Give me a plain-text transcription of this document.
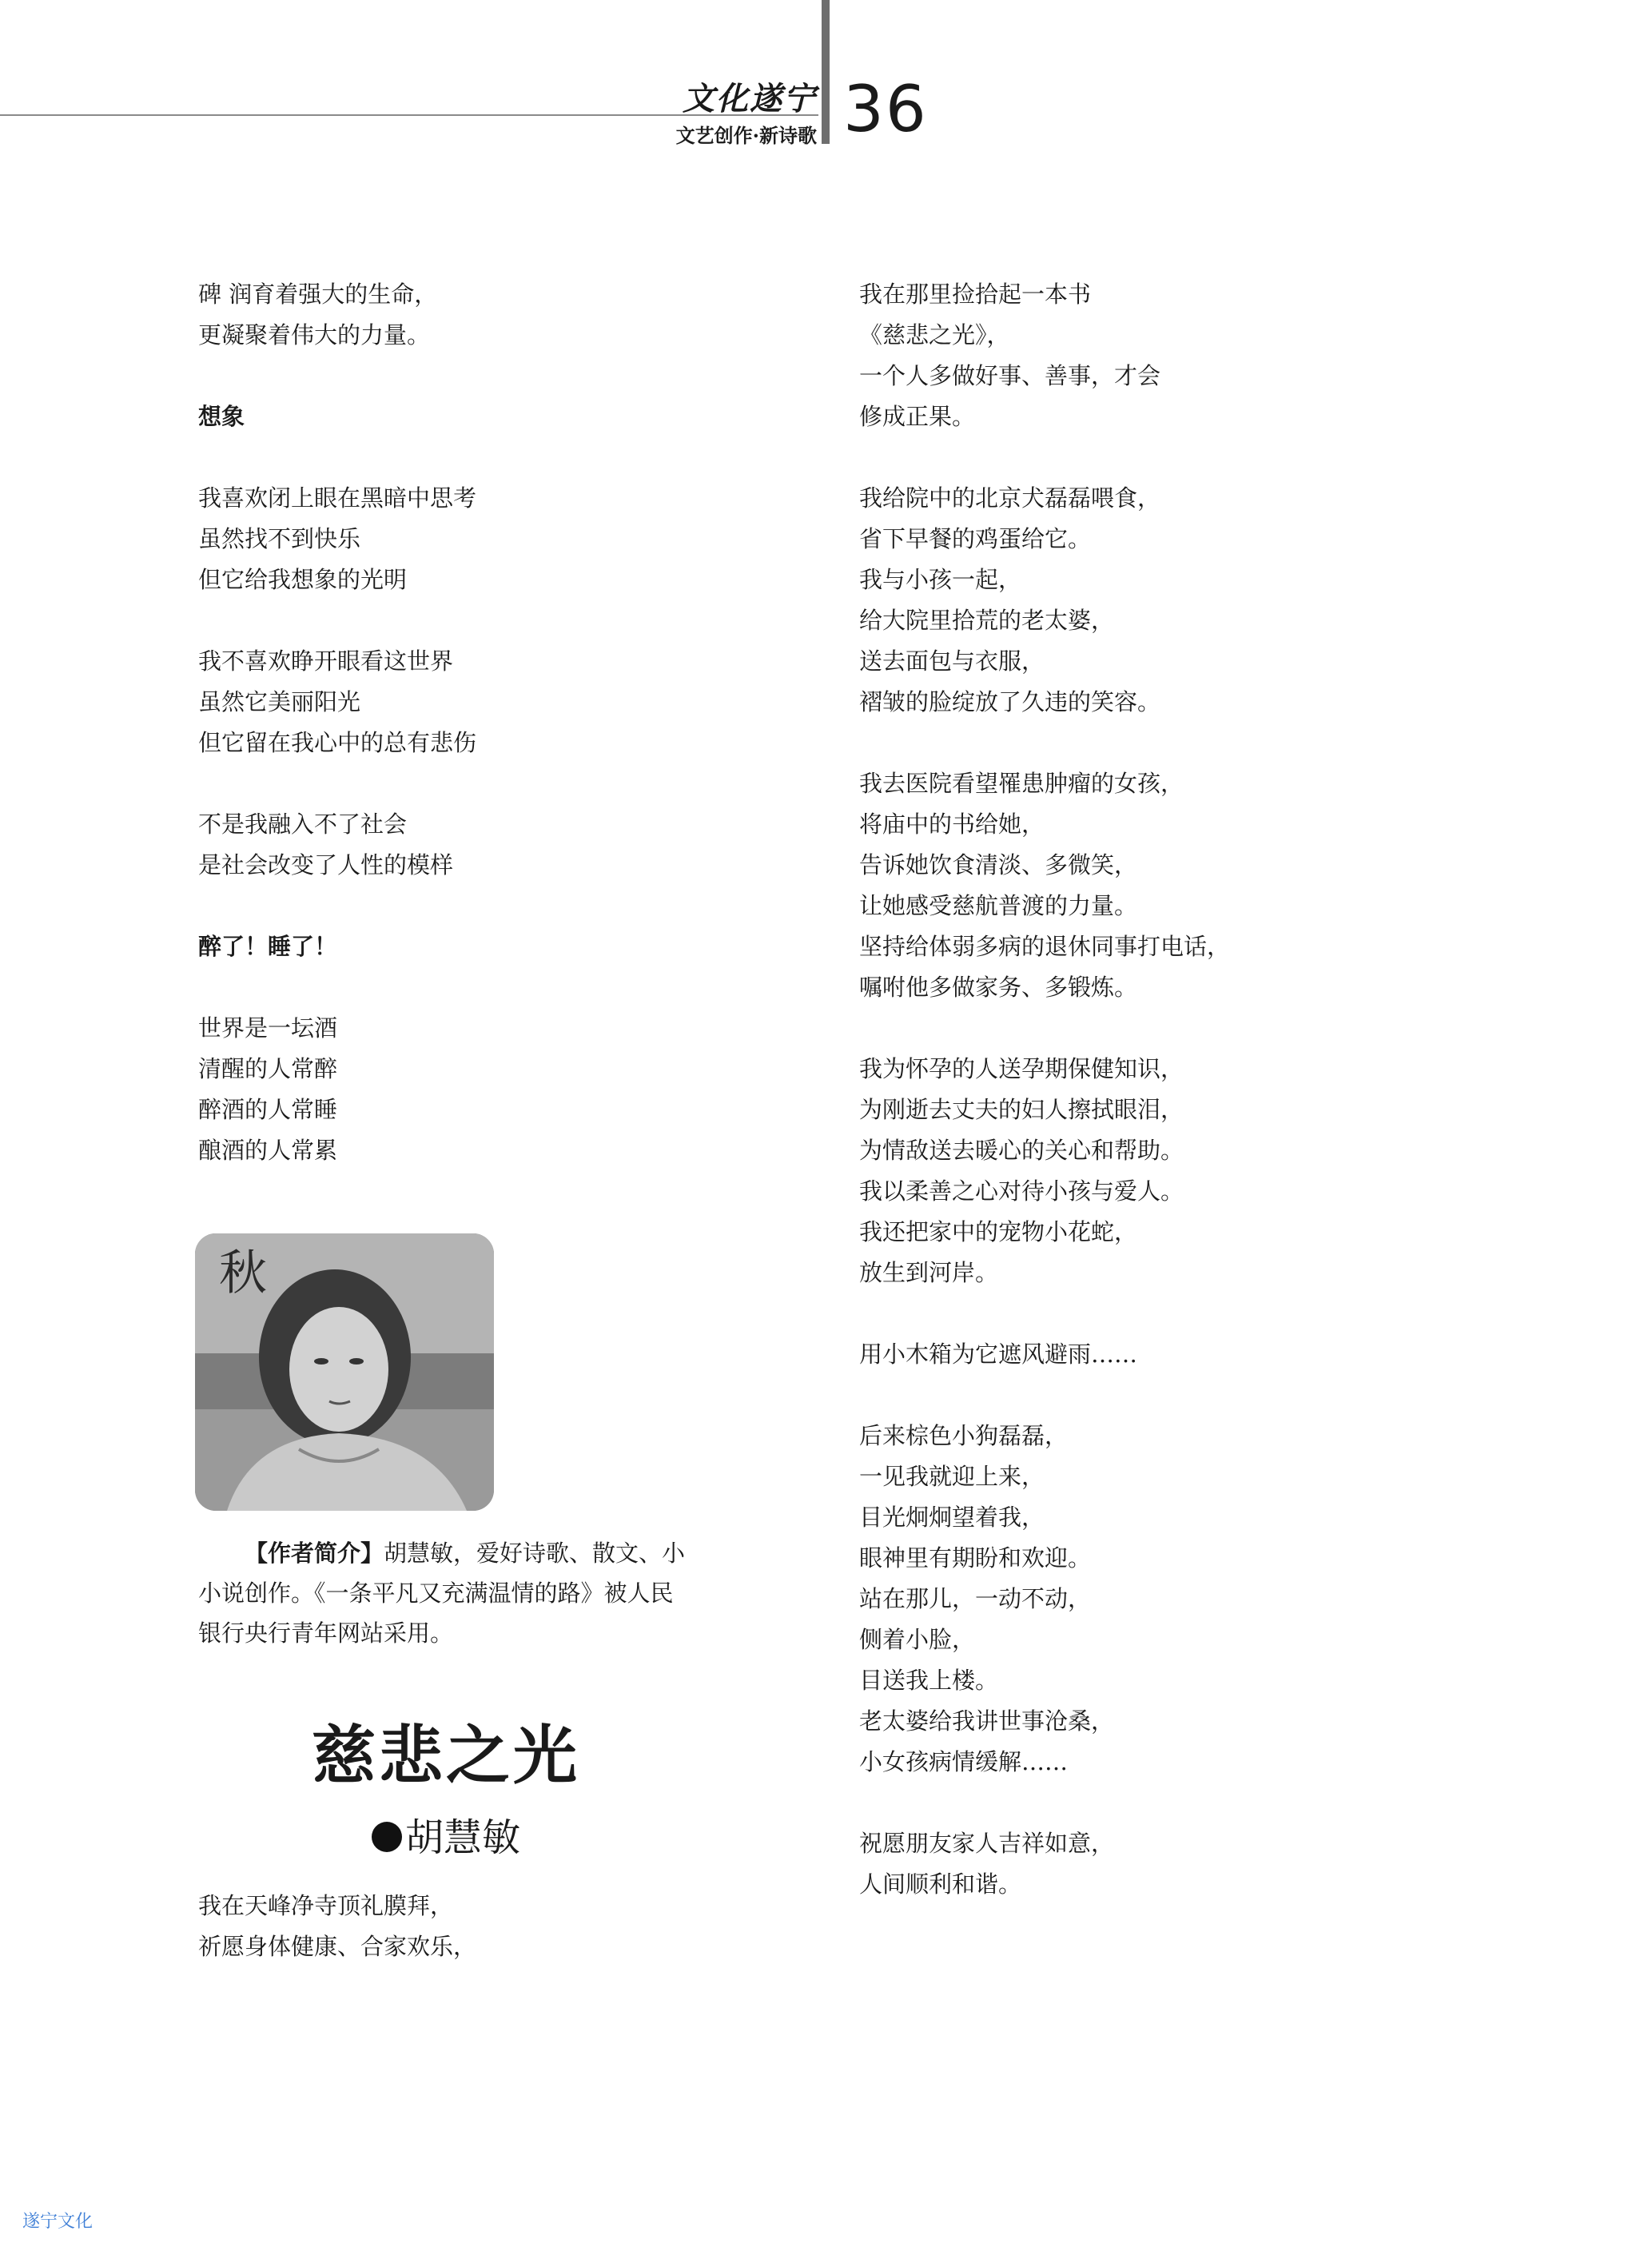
文化遂宁
文艺创作·新诗歌 36
碑 润育着强大的生命，
更凝聚着伟大的力量。
想象
我喜欢闭上眼在黑暗中思考
虽然找不到快乐
但它给我想象的光明
我不喜欢睁开眼看这世界
虽然它美丽阳光
但它留在我心中的总有悲伤
不是我融入不了社会
是社会改变了人性的模样
醉了！睡了！
世界是一坛酒
清醒的人常醉
醉酒的人常睡
酿酒的人常累
秋
【作者简介】胡慧敏，爱好诗歌、散文、小小说创作。《一条平凡又充满温情的路》被人民银行央行青年网站采用。
慈悲之光
胡慧敏
我在天峰净寺顶礼膜拜，
祈愿身体健康、合家欢乐，
我在那里捡拾起一本书
《慈悲之光》，
一个人多做好事、善事，才会
修成正果。
我给院中的北京犬磊磊喂食，
省下早餐的鸡蛋给它。
我与小孩一起，
给大院里拾荒的老太婆，
送去面包与衣服，
褶皱的脸绽放了久违的笑容。
我去医院看望罹患肿瘤的女孩，
将庙中的书给她，
告诉她饮食清淡、多微笑，
让她感受慈航普渡的力量。
坚持给体弱多病的退休同事打电话，
嘱咐他多做家务、多锻炼。
我为怀孕的人送孕期保健知识，
为刚逝去丈夫的妇人擦拭眼泪，
为情敌送去暖心的关心和帮助。
我以柔善之心对待小孩与爱人。
我还把家中的宠物小花蛇，
放生到河岸。
用小木箱为它遮风避雨……
后来棕色小狗磊磊，
一见我就迎上来，
目光炯炯望着我，
眼神里有期盼和欢迎。
站在那儿，一动不动，
侧着小脸，
目送我上楼。
老太婆给我讲世事沧桑，
小女孩病情缓解……
祝愿朋友家人吉祥如意，
人间顺利和谐。
遂宁文化
